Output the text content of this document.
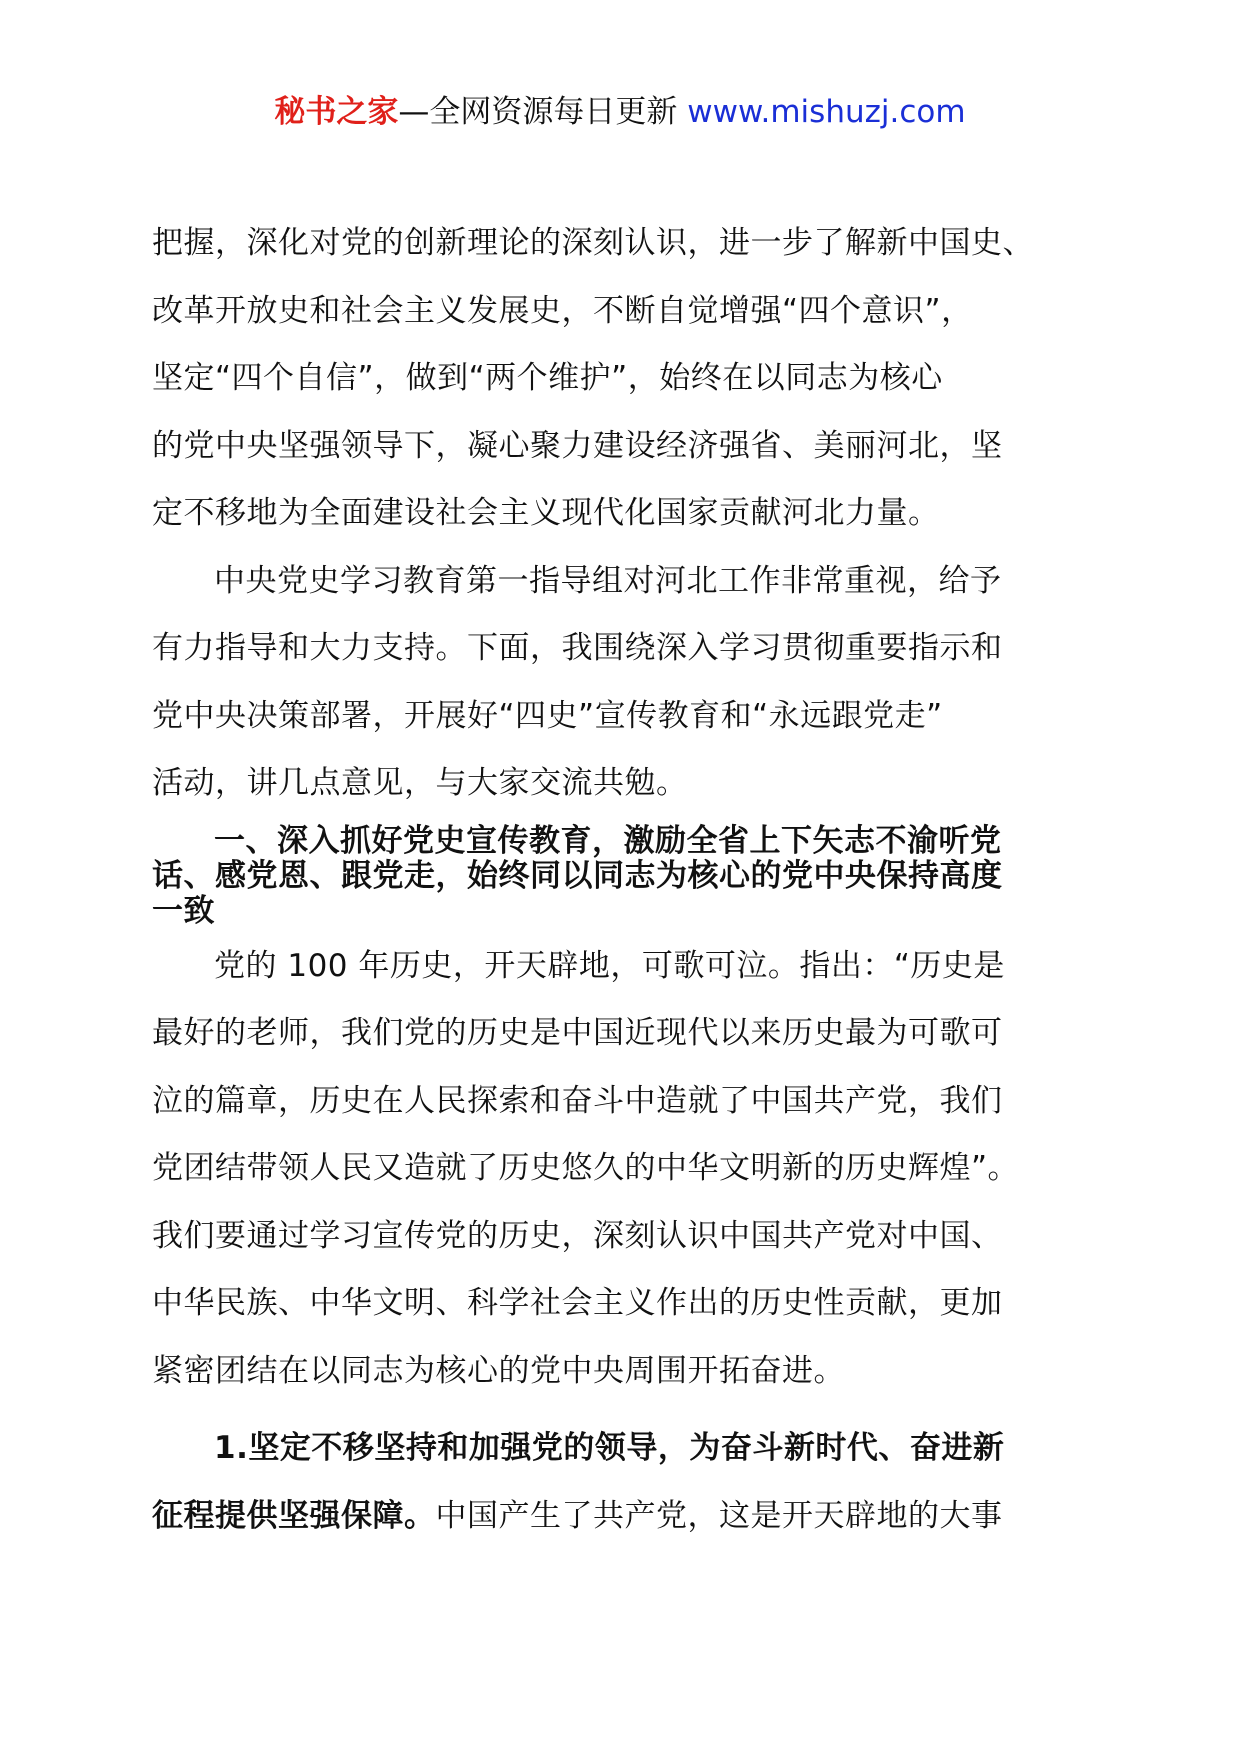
秘书之家—全网资源每日更新 www.mishuzj.com

把握，深化对党的创新理论的深刻认识，进一步了解新中国史、
改革开放史和社会主义发展史，不断自觉增强“四个意识”，
坚定“四个自信”，做到“两个维护”，始终在以同志为核心
的党中央坚强领导下，凝心聚力建设经济强省、美丽河北，坚
定不移地为全面建设社会主义现代化国家贡献河北力量。

中央党史学习教育第一指导组对河北工作非常重视，给予
有力指导和大力支持。下面，我围绕深入学习贯彻重要指示和
党中央决策部署，开展好“四史”宣传教育和“永远跟党走”
活动，讲几点意见，与大家交流共勉。

一、深入抓好党史宣传教育，激励全省上下矢志不渝听党
话、感党恩、跟党走，始终同以同志为核心的党中央保持高度
一致

党的 100 年历史，开天辟地，可歌可泣。指出：“历史是
最好的老师，我们党的历史是中国近现代以来历史最为可歌可
泣的篇章，历史在人民探索和奋斗中造就了中国共产党，我们
党团结带领人民又造就了历史悠久的中华文明新的历史辉煌”。
我们要通过学习宣传党的历史，深刻认识中国共产党对中国、
中华民族、中华文明、科学社会主义作出的历史性贡献，更加
紧密团结在以同志为核心的党中央周围开拓奋进。

1.坚定不移坚持和加强党的领导，为奋斗新时代、奋进新
征程提供坚强保障。中国产生了共产党，这是开天辟地的大事
